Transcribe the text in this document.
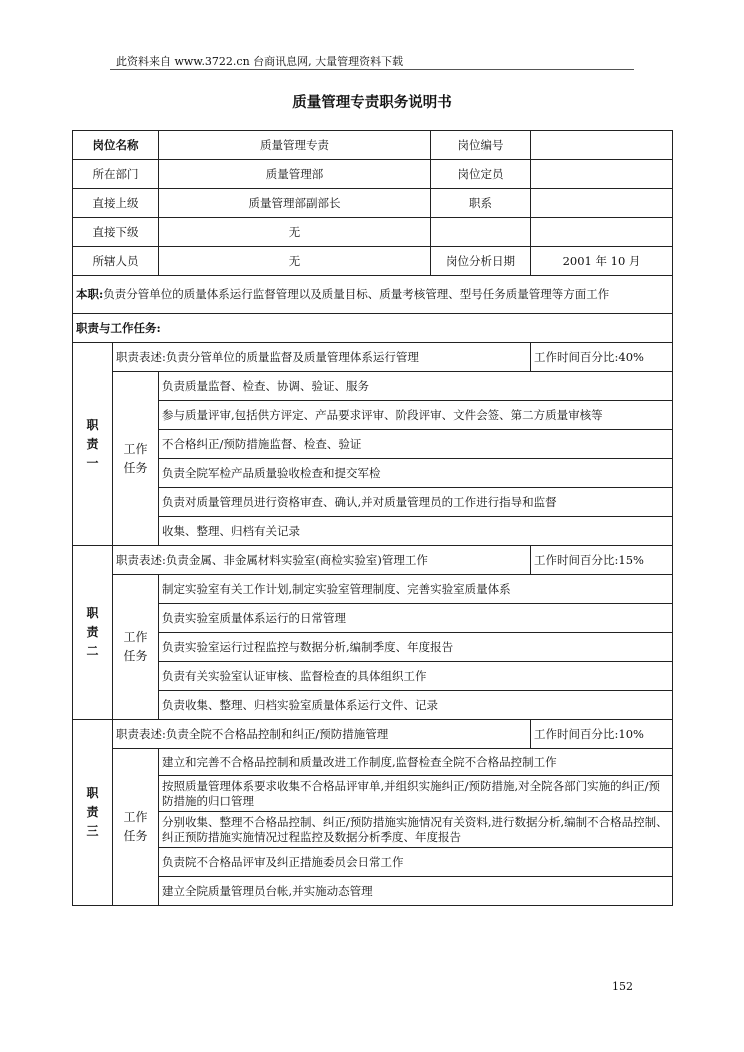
此资料来自 www.3722.cn 台商讯息网, 大量管理资料下载
质量管理专责职务说明书
岗位名称		质量管理专责	岗位编号	
所在部门		质量管理部	岗位定员	
直接上级		质量管理部副部长	职系	
直接下级		无		
所辖人员		无	岗位分析日期	2001 年 10 月
本职:负责分管单位的质量体系运行监督管理以及质量目标、质量考核管理、型号任务质量管理等方面工作				
职责与工作任务:				
职责一	职责表述:负责分管单位的质量监督及质量管理体系运行管理			工作时间百分比:40%
	工作任务	负责质量监督、检查、协调、验证、服务		
		参与质量评审,包括供方评定、产品要求评审、阶段评审、文件会签、第二方质量审核等		
		不合格纠正/预防措施监督、检查、验证		
		负责全院军检产品质量验收检查和提交军检		
		负责对质量管理员进行资格审查、确认,并对质量管理员的工作进行指导和监督		
		收集、整理、归档有关记录		
职责二	职责表述:负责金属、非金属材料实验室(商检实验室)管理工作			工作时间百分比:15%
	工作任务	制定实验室有关工作计划,制定实验室管理制度、完善实验室质量体系		
		负责实验室质量体系运行的日常管理		
		负责实验室运行过程监控与数据分析,编制季度、年度报告		
		负责有关实验室认证审核、监督检查的具体组织工作		
		负责收集、整理、归档实验室质量体系运行文件、记录		
职责三	职责表述:负责全院不合格品控制和纠正/预防措施管理			工作时间百分比:10%
	工作任务	建立和完善不合格品控制和质量改进工作制度,监督检查全院不合格品控制工作		
		按照质量管理体系要求收集不合格品评审单,并组织实施纠正/预防措施,对全院各部门实施的纠正/预防措施的归口管理		
		分别收集、整理不合格品控制、纠正/预防措施实施情况有关资料,进行数据分析,编制不合格品控制、纠正预防措施实施情况过程监控及数据分析季度、年度报告		
		负责院不合格品评审及纠正措施委员会日常工作		
		建立全院质量管理员台帐,并实施动态管理		
152
